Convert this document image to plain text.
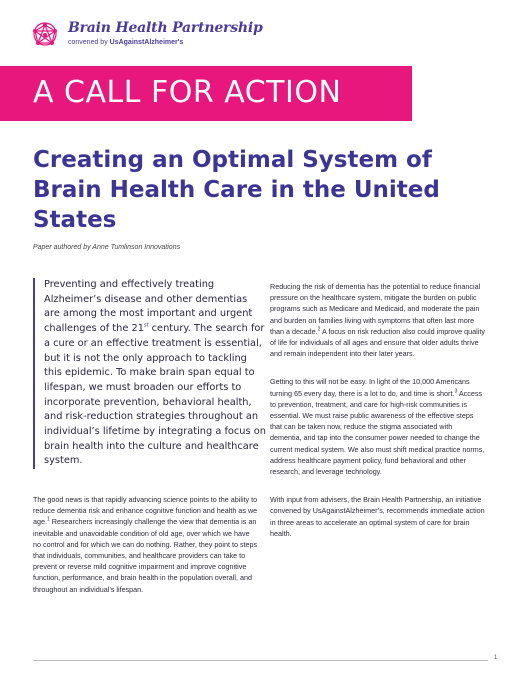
Brain Health Partnership
convened by UsAgainstAlzheimer's
A CALL FOR ACTION
Creating an Optimal System of Brain Health Care in the United States
Paper authored by Anne Tumlinson Innovations

Preventing and effectively treating Alzheimer’s disease and other dementias are among the most important and urgent challenges of the 21st century. The search for a cure or an effective treatment is essential, but it is not the only approach to tackling this epidemic. To make brain span equal to lifespan, we must broaden our efforts to incorporate prevention, behavioral health, and risk-reduction strategies throughout an individual’s lifetime by integrating a focus on brain health into the culture and healthcare system.

The good news is that rapidly advancing science points to the ability to reduce dementia risk and enhance cognitive function and health as we age.$^1$ Researchers increasingly challenge the view that dementia is an inevitable and unavoidable condition of old age, over which we have no control and for which we can do nothing. Rather, they point to steps that individuals, communities, and healthcare providers can take to prevent or reverse mild cognitive impairment and improve cognitive function, performance, and brain health in the population overall, and throughout an individual’s lifespan.

Reducing the risk of dementia has the potential to reduce financial pressure on the healthcare system, mitigate the burden on public programs such as Medicare and Medicaid, and moderate the pain and burden on families living with symptoms that often last more than a decade.$^2$ A focus on risk reduction also could improve quality of life for individuals of all ages and ensure that older adults thrive and remain independent into their later years.

Getting to this will not be easy. In light of the 10,000 Americans turning 65 every day, there is a lot to do, and time is short.$^3$ Access to prevention, treatment, and care for high-risk communities is essential. We must raise public awareness of the effective steps that can be taken now, reduce the stigma associated with dementia, and tap into the consumer power needed to change the current medical system. We also must shift medical practice norms, address healthcare payment policy, fund behavioral and other research, and leverage technology.

With input from advisers, the Brain Health Partnership, an initiative convened by UsAgainstAlzheimer’s, recommends immediate action in three areas to accelerate an optimal system of care for brain health.

1
